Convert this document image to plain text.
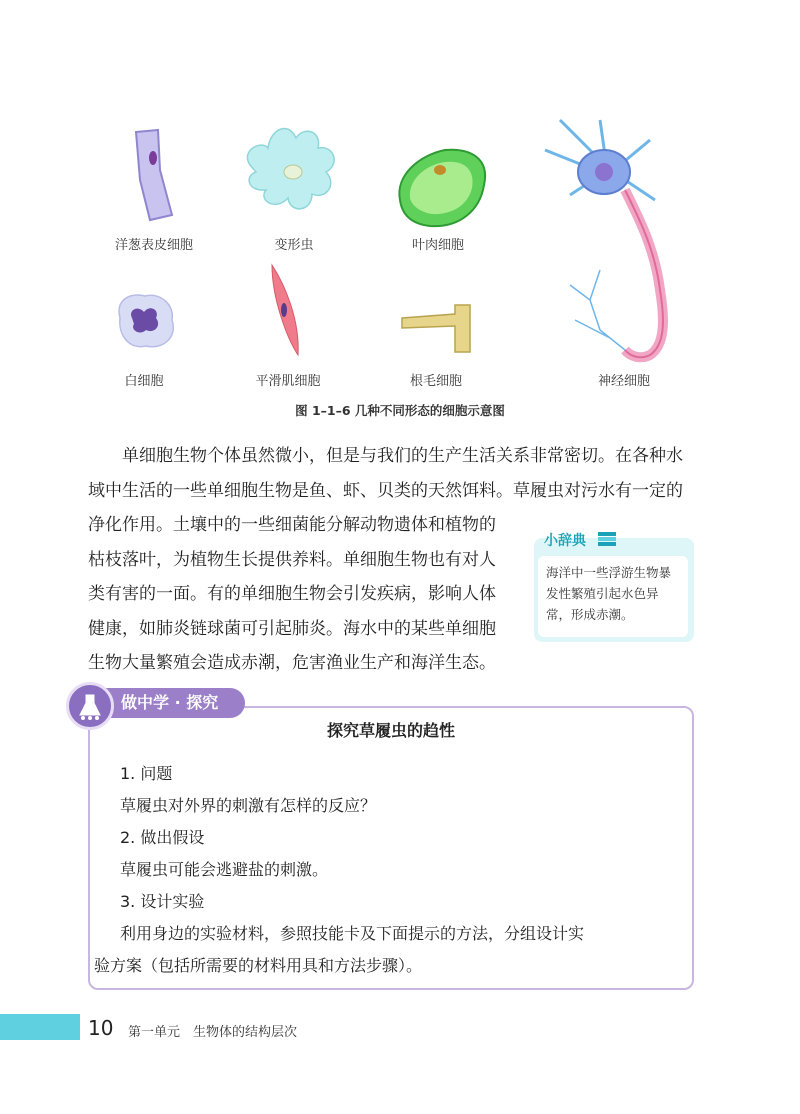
洋葱表皮细胞	变形虫	叶肉细胞
白细胞	平滑肌细胞	根毛细胞	神经细胞
图 1–1–6 几种不同形态的细胞示意图

单细胞生物个体虽然微小，但是与我们的生产生活关系非常密切。在各种水

域中生活的一些单细胞生物是鱼、虾、贝类的天然饵料。草履虫对污水有一定的

净化作用。土壤中的一些细菌能分解动物遗体和植物的

枯枝落叶，为植物生长提供养料。单细胞生物也有对人

类有害的一面。有的单细胞生物会引发疾病，影响人体

健康，如肺炎链球菌可引起肺炎。海水中的某些单细胞

生物大量繁殖会造成赤潮，危害渔业生产和海洋生态。

小辞典
海洋中一些浮游生物暴发性繁殖引起水色异常，形成赤潮。
做中学 · 探究
探究草履虫的趋性

1. 问题

草履虫对外界的刺激有怎样的反应？

2. 做出假设

草履虫可能会逃避盐的刺激。

3. 设计实验

利用身边的实验材料，参照技能卡及下面提示的方法，分组设计实

验方案（包括所需要的材料用具和方法步骤）。

10 第一单元　生物体的结构层次
